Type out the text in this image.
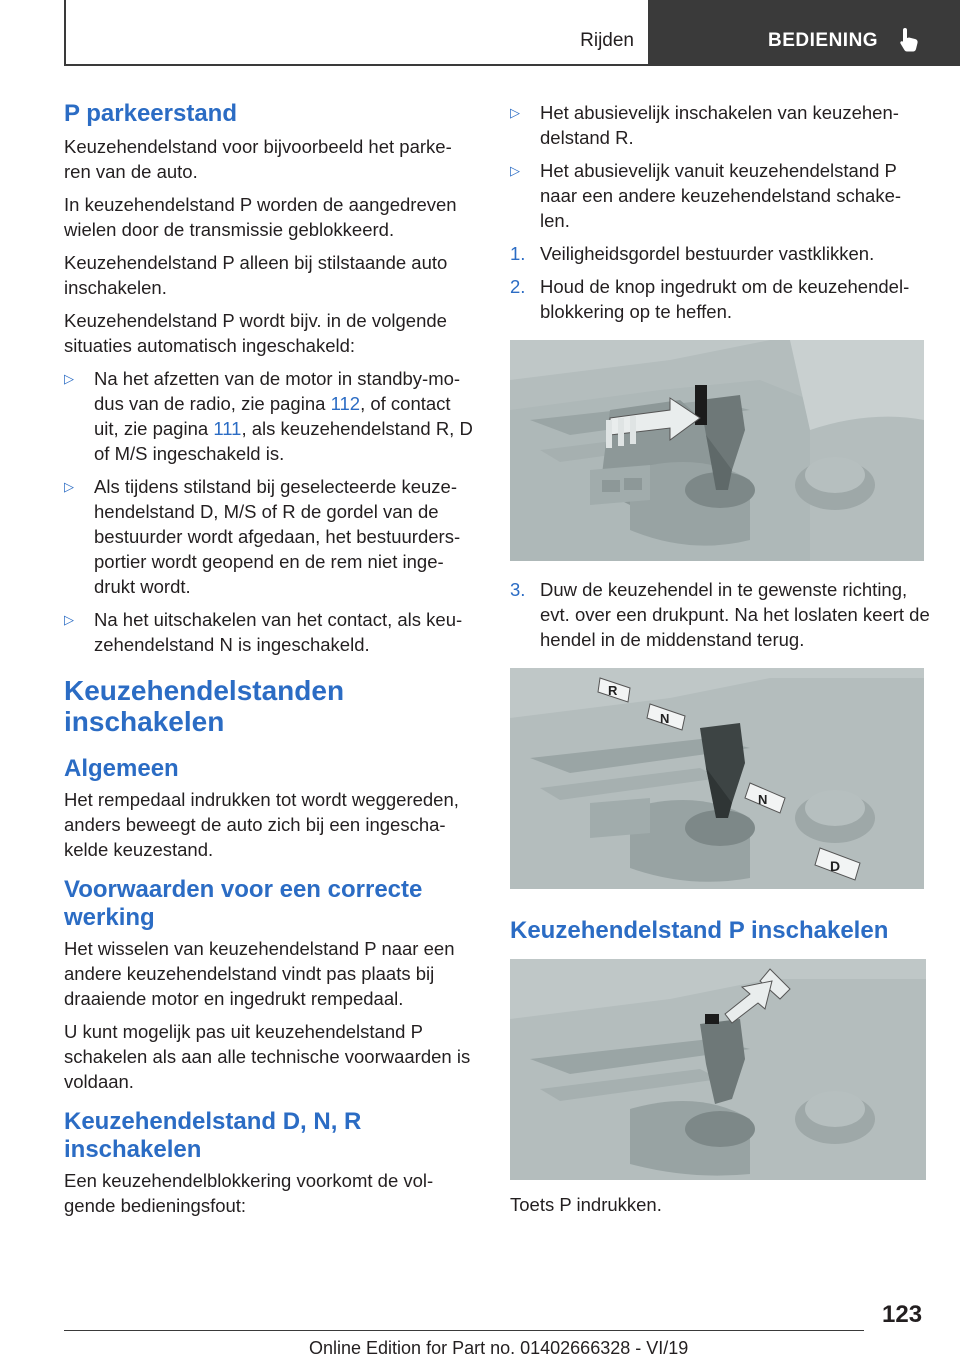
Rijden	BEDIENING
P parkeerstand

Keuzehendelstand voor bijvoorbeeld het parke‐ren van de auto.

In keuzehendelstand P worden de aangedreven wielen door de transmissie geblokkeerd.

Keuzehendelstand P alleen bij stilstaande auto inschakelen.

Keuzehendelstand P wordt bijv. in de volgende situaties automatisch ingeschakeld:

▷	Na het afzetten van de motor in standby-mo‐dus van de radio, zie pagina 112, of contact uit, zie pagina 111, als keuzehendelstand R, D of M/S ingeschakeld is.
▷	Als tijdens stilstand bij geselecteerde keuze‐hendelstand D, M/S of R de gordel van de bestuurder wordt afgedaan, het bestuurders‐portier wordt geopend en de rem niet inge‐drukt wordt.
▷	Na het uitschakelen van het contact, als keu‐zehendelstand N is ingeschakeld.
Keuzehendelstanden inschakelen
Algemeen

Het rempedaal indrukken tot wordt weggereden, anders beweegt de auto zich bij een ingescha‐kelde keuzestand.

Voorwaarden voor een correcte werking

Het wisselen van keuzehendelstand P naar een andere keuzehendelstand vindt pas plaats bij draaiende motor en ingedrukt rempedaal.

U kunt mogelijk pas uit keuzehendelstand P schakelen als aan alle technische voorwaarden is voldaan.

Keuzehendelstand D, N, R inschakelen

Een keuzehendelblokkering voorkomt de vol‐gende bedieningsfout:

▷	Het abusievelijk inschakelen van keuzehen‐delstand R.
▷	Het abusievelijk vanuit keuzehendelstand P naar een andere keuzehendelstand schake‐len.
1. Veiligheidsgordel bestuurder vastklikken.
2. Houd de knop ingedrukt om de keuzehendel‐blokkering op te heffen.
3. Duw de keuzehendel in te gewenste richting, evt. over een drukpunt. Na het loslaten keert de hendel in de middenstand terug.
R
N
N
D
Keuzehendelstand P inschakelen

Toets P indrukken.

123
Online Edition for Part no. 01402666328 - VI/19
